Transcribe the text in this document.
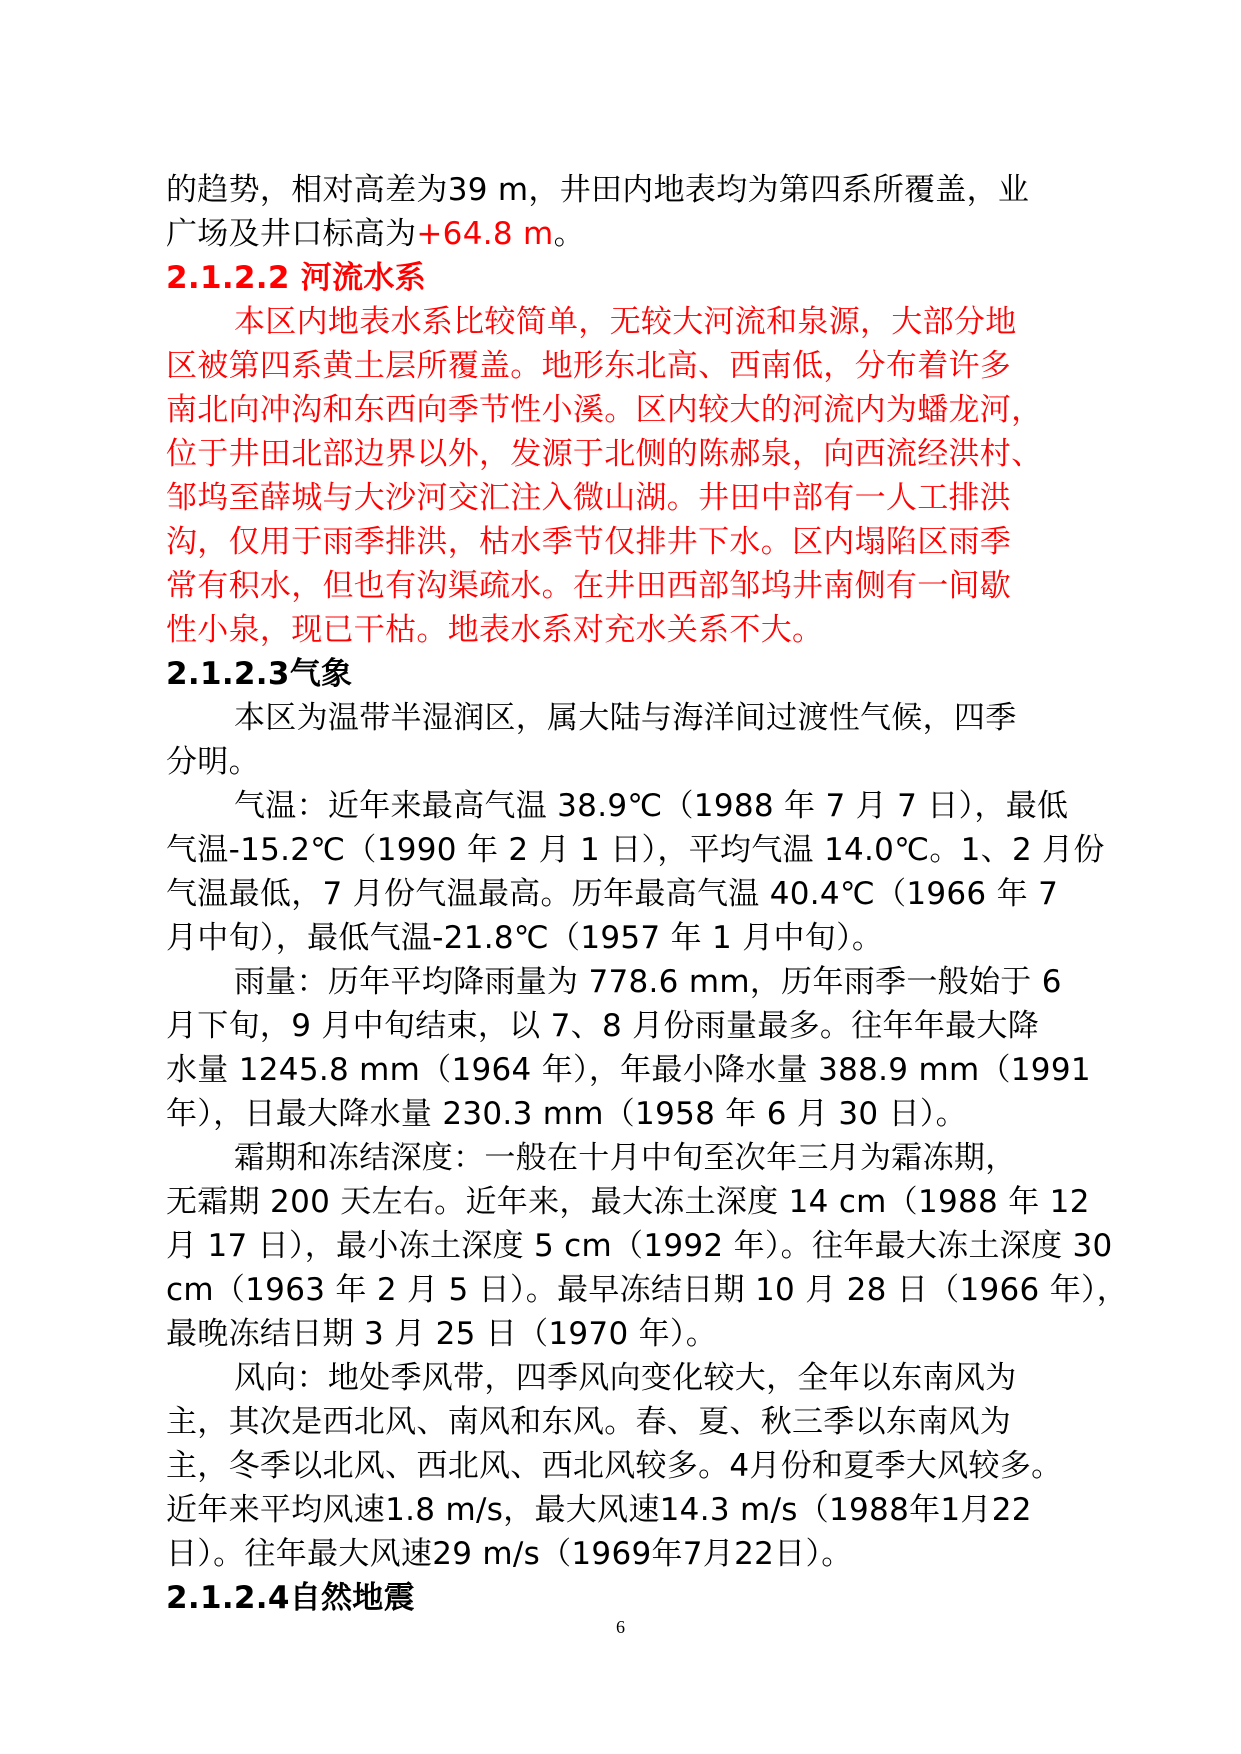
的趋势，相对高差为39 m，井田内地表均为第四系所覆盖，业
广场及井口标高为+64.8 m。
2.1.2.2 河流水系
本区内地表水系比较简单，无较大河流和泉源，大部分地
区被第四系黄土层所覆盖。地形东北高、西南低，分布着许多
南北向冲沟和东西向季节性小溪。区内较大的河流内为蟠龙河，
位于井田北部边界以外，发源于北侧的陈郝泉，向西流经洪村、
邹坞至薛城与大沙河交汇注入微山湖。井田中部有一人工排洪
沟，仅用于雨季排洪，枯水季节仅排井下水。区内塌陷区雨季
常有积水，但也有沟渠疏水。在井田西部邹坞井南侧有一间歇
性小泉，现已干枯。地表水系对充水关系不大。
2.1.2.3气象
本区为温带半湿润区，属大陆与海洋间过渡性气候，四季
分明。
气温：近年来最高气温 38.9℃（1988 年 7 月 7 日），最低
气温-15.2℃（1990 年 2 月 1 日），平均气温 14.0℃。1、2 月份
气温最低，7 月份气温最高。历年最高气温 40.4℃（1966 年 7
月中旬），最低气温-21.8℃（1957 年 1 月中旬）。
雨量：历年平均降雨量为 778.6 mm，历年雨季一般始于 6
月下旬，9 月中旬结束，以 7、8 月份雨量最多。往年年最大降
水量 1245.8 mm（1964 年），年最小降水量 388.9 mm（1991
年），日最大降水量 230.3 mm（1958 年 6 月 30 日）。
霜期和冻结深度：一般在十月中旬至次年三月为霜冻期，
无霜期 200 天左右。近年来，最大冻土深度 14 cm（1988 年 12
月 17 日），最小冻土深度 5 cm（1992 年）。往年最大冻土深度 30
cm（1963 年 2 月 5 日）。最早冻结日期 10 月 28 日（1966 年），
最晚冻结日期 3 月 25 日（1970 年）。
风向：地处季风带，四季风向变化较大，全年以东南风为
主，其次是西北风、南风和东风。春、夏、秋三季以东南风为
主，冬季以北风、西北风、西北风较多。4月份和夏季大风较多。
近年来平均风速1.8 m/s，最大风速14.3 m/s（1988年1月22
日）。往年最大风速29 m/s（1969年7月22日）。
2.1.2.4自然地震
6
